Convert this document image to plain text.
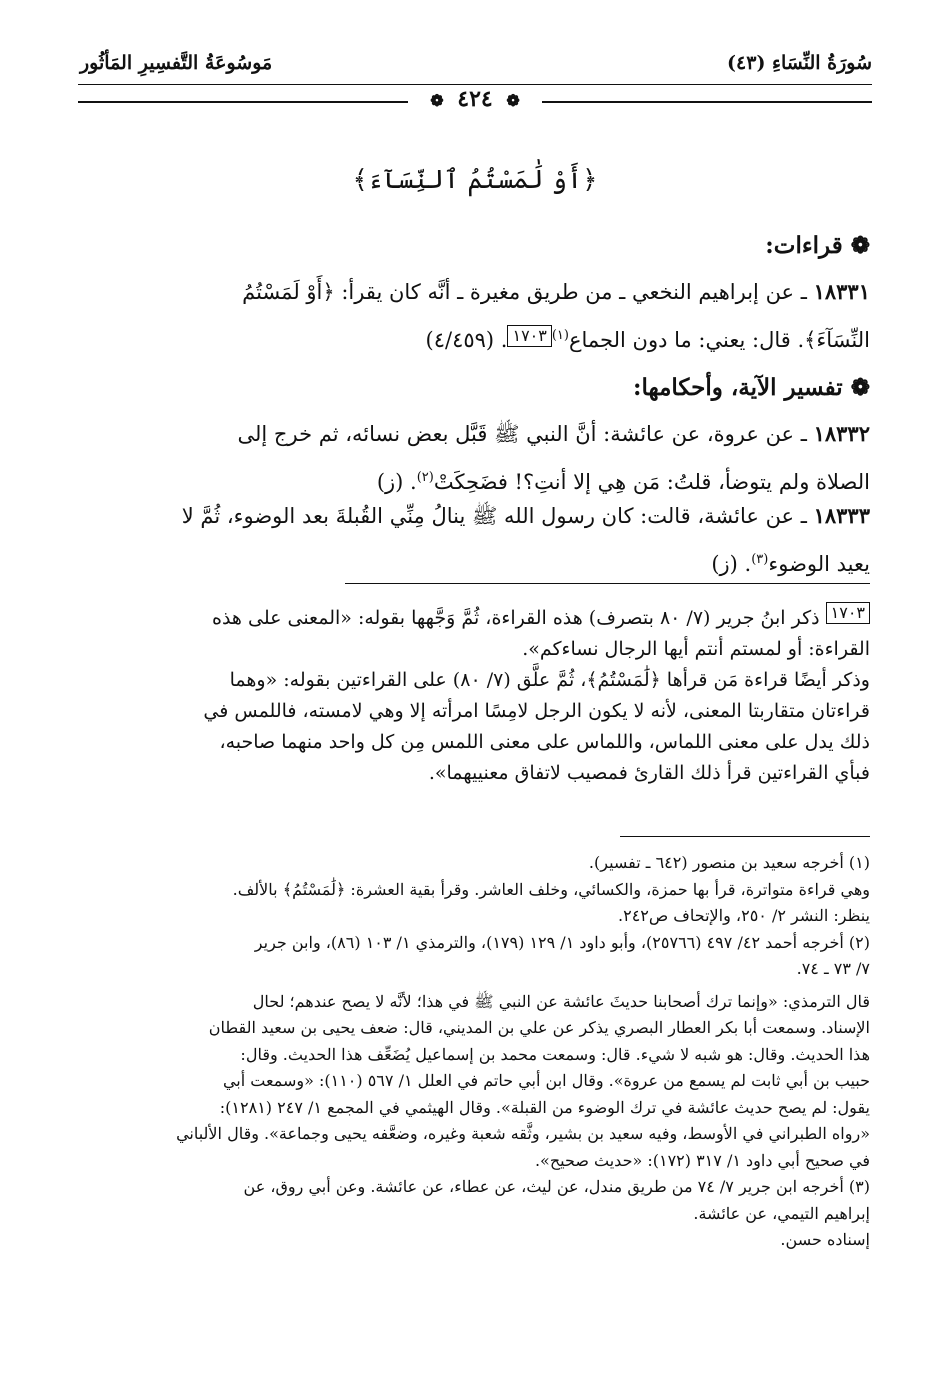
سُورَةُ النِّسَاءِ (٤٣)
مَوسُوعَةُ التَّفسِيرِ المَأثُور
❁ ٤٢٤ ❁
﴿أَوْ لَٰمَسْتُمُ ٱلنِّسَآءَ﴾
❁ قراءات:
١٨٣٣١ ـ عن إبراهيم النخعي ـ من طريق مغيرة ـ أنَّه كان يقرأ: ﴿أَوْ لَمَسْتُمُ
النِّسَآءَ﴾. قال: يعني: ما دون الجماع$^{(١)}$١٧٠٣. (٤/٤٥٩)
❁ تفسير الآية، وأحكامها:
١٨٣٣٢ ـ عن عروة، عن عائشة: أنَّ النبي ﷺ قَبَّل بعض نسائه، ثم خرج إلى
الصلاة ولم يتوضأ، قلتُ: مَن هِي إلا أنتِ؟! فضَحِكَتْ$^{(٢)}$. (ز)
١٨٣٣٣ ـ عن عائشة، قالت: كان رسول الله ﷺ ينالُ مِنِّي القُبلةَ بعد الوضوء، ثُمَّ لا
يعيد الوضوء$^{(٣)}$. (ز)
١٧٠٣ ذكر ابنُ جرير (٧/ ٨٠ بتصرف) هذه القراءة، ثُمَّ وَجَّهها بقوله: «المعنى على هذه
القراءة: أو لمستم أنتم أيها الرجال نساءكم».
وذكر أيضًا قراءة مَن قرأها ﴿لَٰمَسْتُمُ﴾، ثُمَّ علَّق (٧/ ٨٠) على القراءتين بقوله: «وهما
قراءتان متقاربتا المعنى، لأنه لا يكون الرجل لامِسًا امرأته إلا وهي لامسته، فاللمس في
ذلك يدل على معنى اللماس، واللماس على معنى اللمس مِن كل واحد منهما صاحبه،
فبأي القراءتين قرأ ذلك القارئ فمصيب لاتفاق معنييهما».
(١) أخرجه سعيد بن منصور (٦٤٢ ـ تفسير).
وهي قراءة متواترة، قرأ بها حمزة، والكسائي، وخلف العاشر. وقرأ بقية العشرة: ﴿لَٰمَسْتُمُ﴾ بالألف.
ينظر: النشر ٢/ ٢٥٠، والإتحاف ص٢٤٢.
(٢) أخرجه أحمد ٤٢/ ٤٩٧ (٢٥٧٦٦)، وأبو داود ١/ ١٢٩ (١٧٩)، والترمذي ١/ ١٠٣ (٨٦)، وابن جرير
٧/ ٧٣ ـ ٧٤.
قال الترمذي: «وإنما ترك أصحابنا حديثَ عائشة عن النبي ﷺ في هذا؛ لأنَّه لا يصح عندهم؛ لحال
الإسناد. وسمعت أبا بكر العطار البصري يذكر عن علي بن المديني، قال: ضعف يحيى بن سعيد القطان
هذا الحديث. وقال: هو شبه لا شيء. قال: وسمعت محمد بن إسماعيل يُضَعِّف هذا الحديث. وقال:
حبيب بن أبي ثابت لم يسمع من عروة». وقال ابن أبي حاتم في العلل ١/ ٥٦٧ (١١٠): «وسمعت أبي
يقول: لم يصح حديث عائشة في ترك الوضوء من القبلة». وقال الهيثمي في المجمع ١/ ٢٤٧ (١٢٨١):
«رواه الطبراني في الأوسط، وفيه سعيد بن بشير، وثَّقه شعبة وغيره، وضعَّفه يحيى وجماعة». وقال الألباني
في صحيح أبي داود ١/ ٣١٧ (١٧٢): «حديث صحيح».
(٣) أخرجه ابن جرير ٧/ ٧٤ من طريق مندل، عن ليث، عن عطاء، عن عائشة. وعن أبي روق، عن
إبراهيم التيمي، عن عائشة.
إسناده حسن.
